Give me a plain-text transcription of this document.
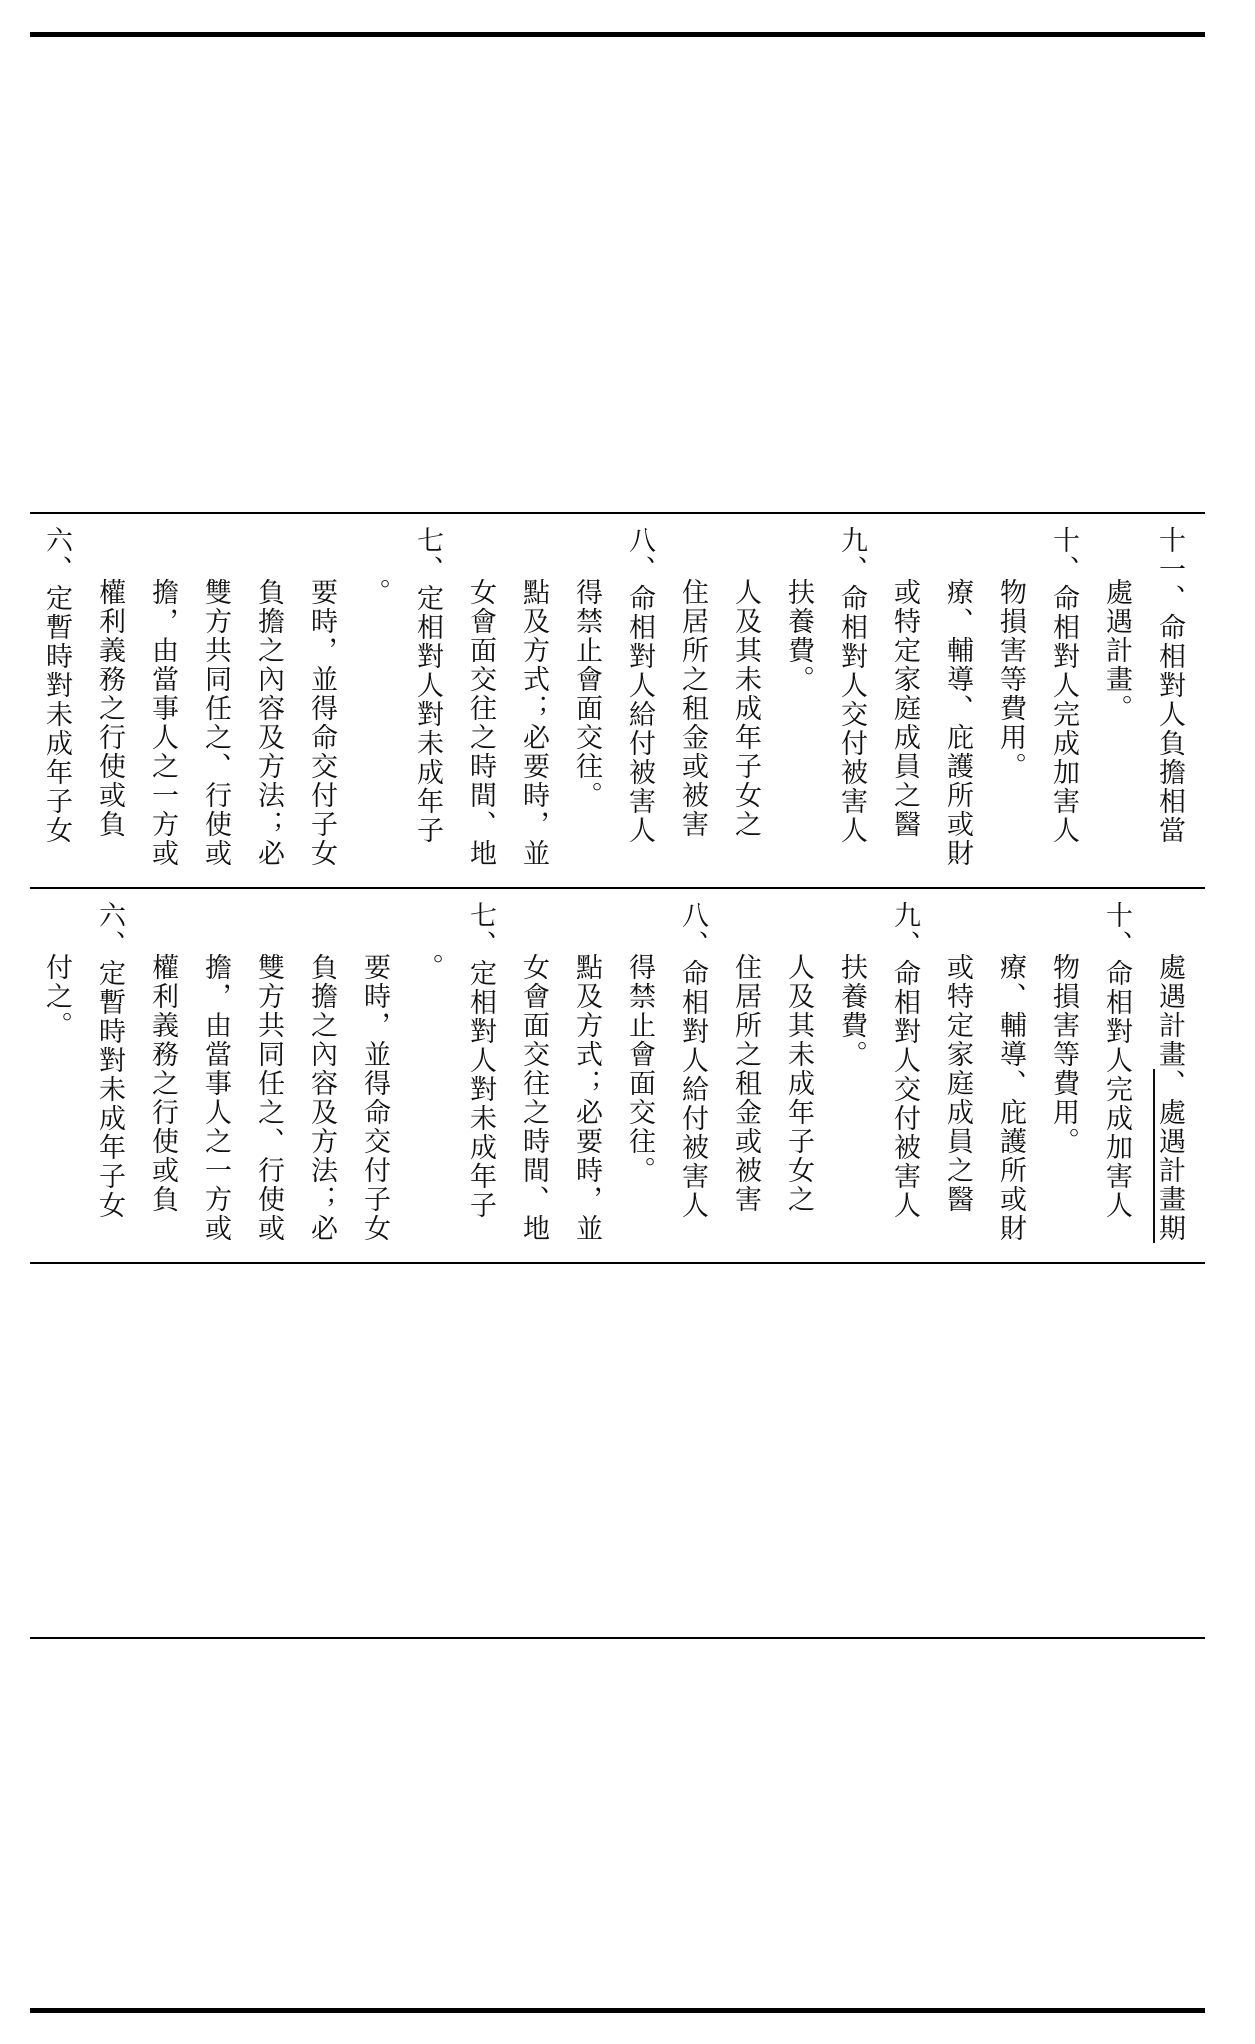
六、定暫時對未成年子女 權利義務之行使或負 擔，由當事人之一方或 雙方共同任之、行使或 負擔之內容及方法；必 要時，並得命交付子女 。 七、定相對人對未成年子 女會面交往之時間、地 點及方式；必要時，並 得禁止會面交往。 八、命相對人給付被害人 住居所之租金或被害 人及其未成年子女之 扶養費。 九、命相對人交付被害人 或特定家庭成員之醫 療、輔導、庇護所或財 物損害等費用。 十、命相對人完成加害人 處遇計畫。 十一、命相對人負擔相當
付之。 六、定暫時對未成年子女 權利義務之行使或負 擔，由當事人之一方或 雙方共同任之、行使或 負擔之內容及方法；必 要時，並得命交付子女 。 七、定相對人對未成年子 女會面交往之時間、地 點及方式；必要時，並 得禁止會面交往。 八、命相對人給付被害人 住居所之租金或被害 人及其未成年子女之 扶養費。 九、命相對人交付被害人 或特定家庭成員之醫 療、輔導、庇護所或財 物損害等費用。 十、命相對人完成加害人 處遇計畫、處遇計畫期
